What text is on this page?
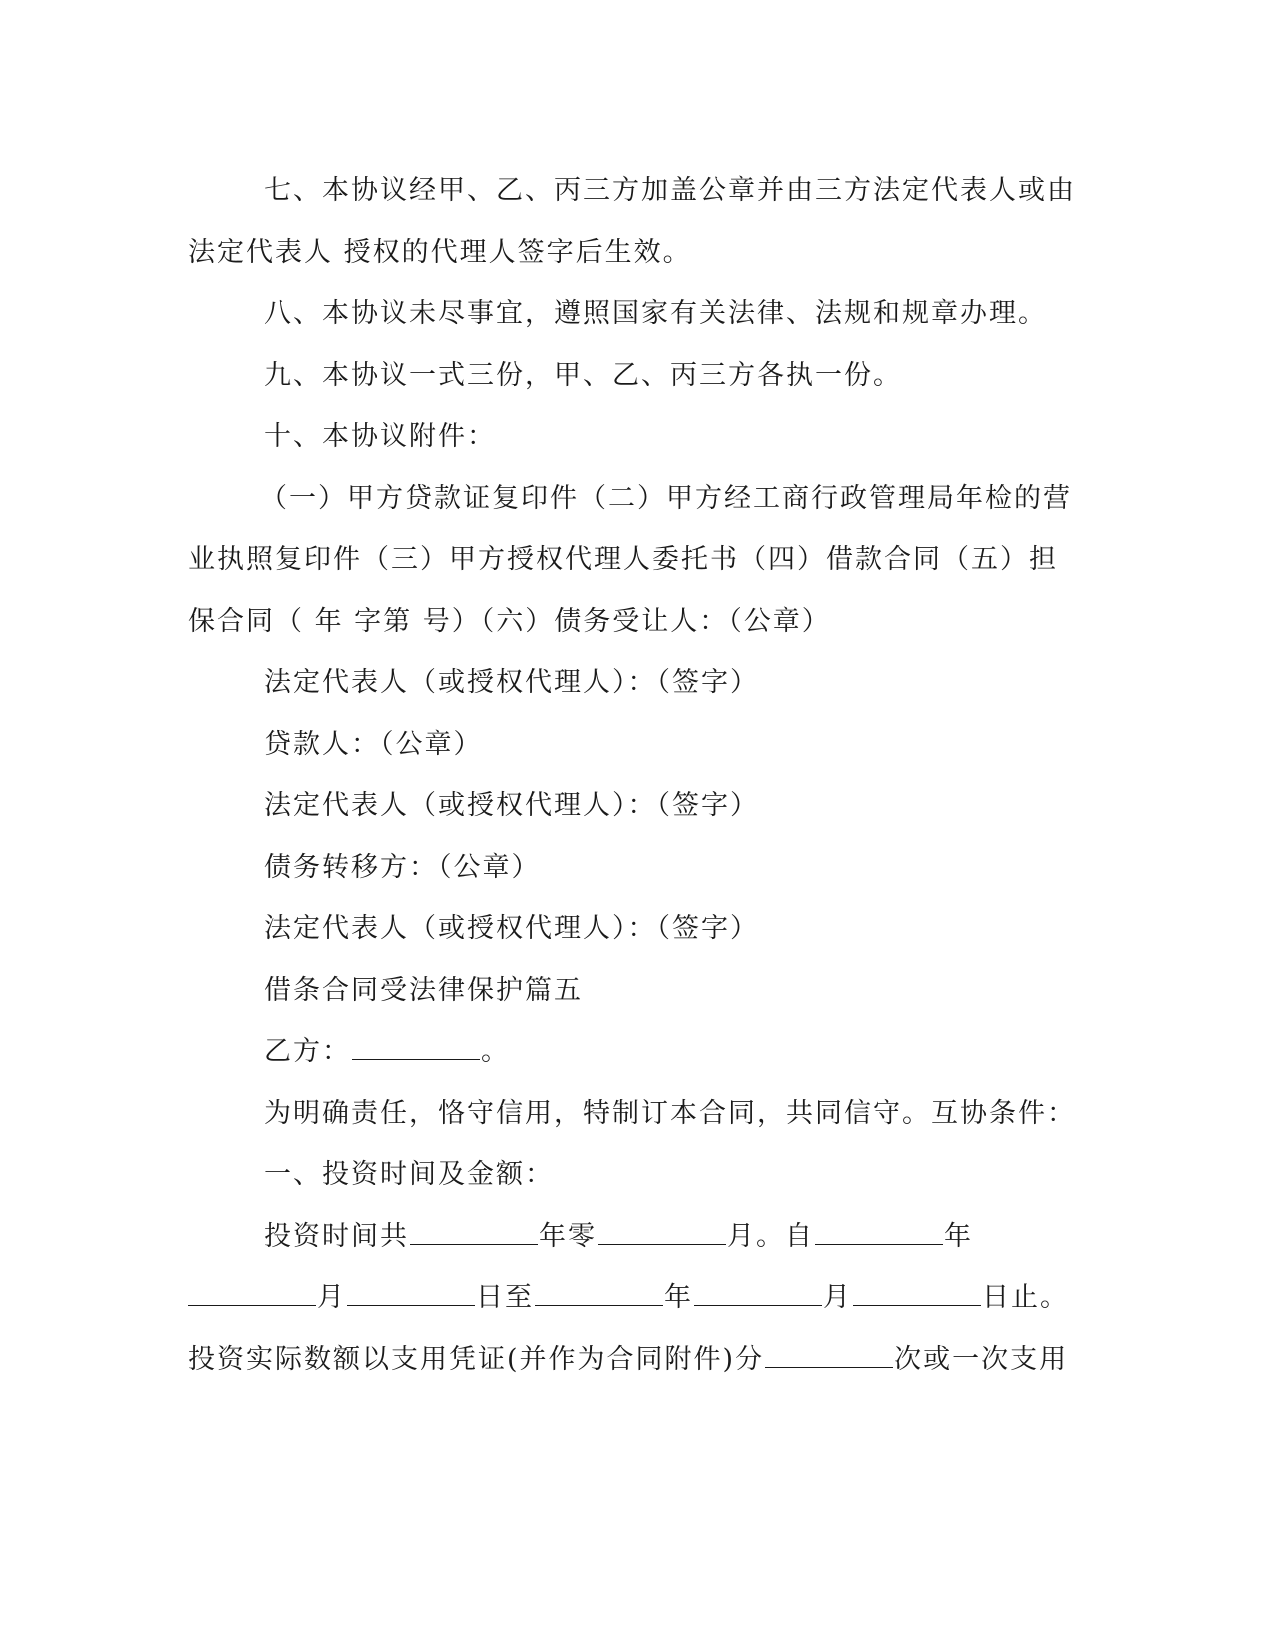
七、本协议经甲、乙、丙三方加盖公章并由三方法定代表人或由
法定代表人 授权的代理人签字后生效。
八、本协议未尽事宜，遵照国家有关法律、法规和规章办理。
九、本协议一式三份，甲、乙、丙三方各执一份。
十、本协议附件：
（一）甲方贷款证复印件（二）甲方经工商行政管理局年检的营
业执照复印件（三）甲方授权代理人委托书（四）借款合同（五）担
保合同（ 年 字第 号）（六）债务受让人：（公章）
法定代表人（或授权代理人）：（签字）
贷款人：（公章）
法定代表人（或授权代理人）：（签字）
债务转移方：（公章）
法定代表人（或授权代理人）：（签字）
借条合同受法律保护篇五
乙方：	。
为明确责任，恪守信用，特制订本合同，共同信守。互协条件：
一、投资时间及金额：
投资时间共	年零	月。自	年
月	日至	年	月	日止。
投资实际数额以支用凭证(并作为合同附件)分	次或一次支用
